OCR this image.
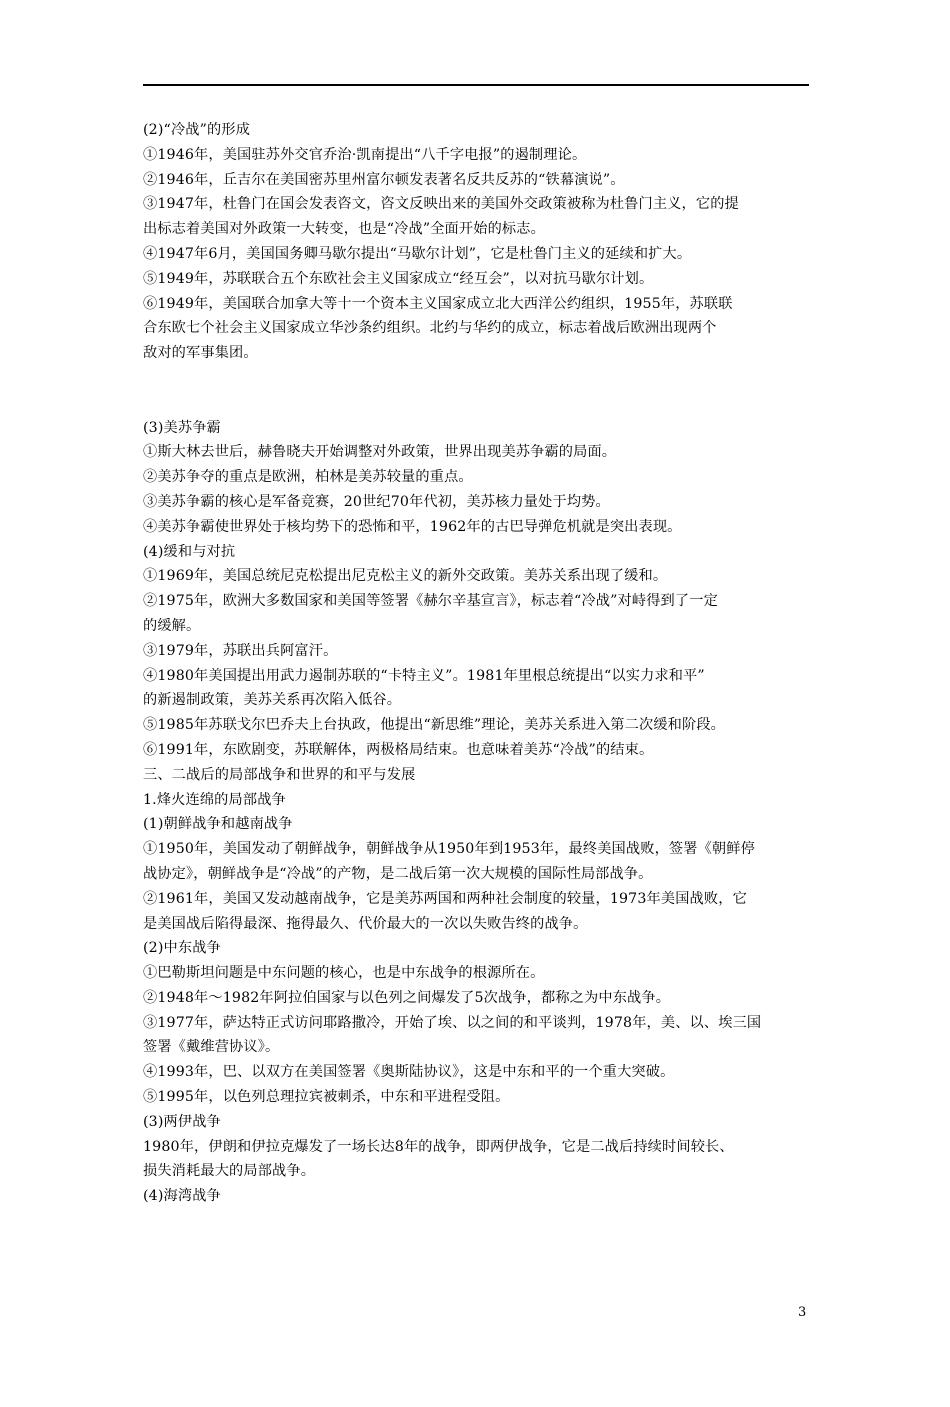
(2)“冷战”的形成
①1946年，美国驻苏外交官乔治·凯南提出“八千字电报”的遏制理论。
②1946年，丘吉尔在美国密苏里州富尔顿发表著名反共反苏的“铁幕演说”。
③1947年，杜鲁门在国会发表咨文，咨文反映出来的美国外交政策被称为杜鲁门主义，它的提
出标志着美国对外政策一大转变，也是“冷战”全面开始的标志。
④1947年6月，美国国务卿马歇尔提出“马歇尔计划”，它是杜鲁门主义的延续和扩大。
⑤1949年，苏联联合五个东欧社会主义国家成立“经互会”，以对抗马歇尔计划。
⑥1949年，美国联合加拿大等十一个资本主义国家成立北大西洋公约组织，1955年，苏联联
合东欧七个社会主义国家成立华沙条约组织。北约与华约的成立，标志着战后欧洲出现两个
敌对的军事集团。
(3)美苏争霸
①斯大林去世后，赫鲁晓夫开始调整对外政策，世界出现美苏争霸的局面。
②美苏争夺的重点是欧洲，柏林是美苏较量的重点。
③美苏争霸的核心是军备竞赛，20世纪70年代初，美苏核力量处于均势。
④美苏争霸使世界处于核均势下的恐怖和平，1962年的古巴导弹危机就是突出表现。
(4)缓和与对抗
①1969年，美国总统尼克松提出尼克松主义的新外交政策。美苏关系出现了缓和。
②1975年，欧洲大多数国家和美国等签署《赫尔辛基宣言》，标志着“冷战”对峙得到了一定
的缓解。
③1979年，苏联出兵阿富汗。
④1980年美国提出用武力遏制苏联的“卡特主义”。1981年里根总统提出“以实力求和平”
的新遏制政策，美苏关系再次陷入低谷。
⑤1985年苏联戈尔巴乔夫上台执政，他提出“新思维”理论，美苏关系进入第二次缓和阶段。
⑥1991年，东欧剧变，苏联解体，两极格局结束。也意味着美苏“冷战”的结束。
三、二战后的局部战争和世界的和平与发展
1.烽火连绵的局部战争
(1)朝鲜战争和越南战争
①1950年，美国发动了朝鲜战争，朝鲜战争从1950年到1953年，最终美国战败，签署《朝鲜停
战协定》，朝鲜战争是“冷战”的产物，是二战后第一次大规模的国际性局部战争。
②1961年，美国又发动越南战争，它是美苏两国和两种社会制度的较量，1973年美国战败，它
是美国战后陷得最深、拖得最久、代价最大的一次以失败告终的战争。
(2)中东战争
①巴勒斯坦问题是中东问题的核心，也是中东战争的根源所在。
②1948年～1982年阿拉伯国家与以色列之间爆发了5次战争，都称之为中东战争。
③1977年，萨达特正式访问耶路撒冷，开始了埃、以之间的和平谈判，1978年，美、以、埃三国
签署《戴维营协议》。
④1993年，巴、以双方在美国签署《奥斯陆协议》，这是中东和平的一个重大突破。
⑤1995年，以色列总理拉宾被刺杀，中东和平进程受阻。
(3)两伊战争
1980年，伊朗和伊拉克爆发了一场长达8年的战争，即两伊战争，它是二战后持续时间较长、
损失消耗最大的局部战争。
(4)海湾战争
3
